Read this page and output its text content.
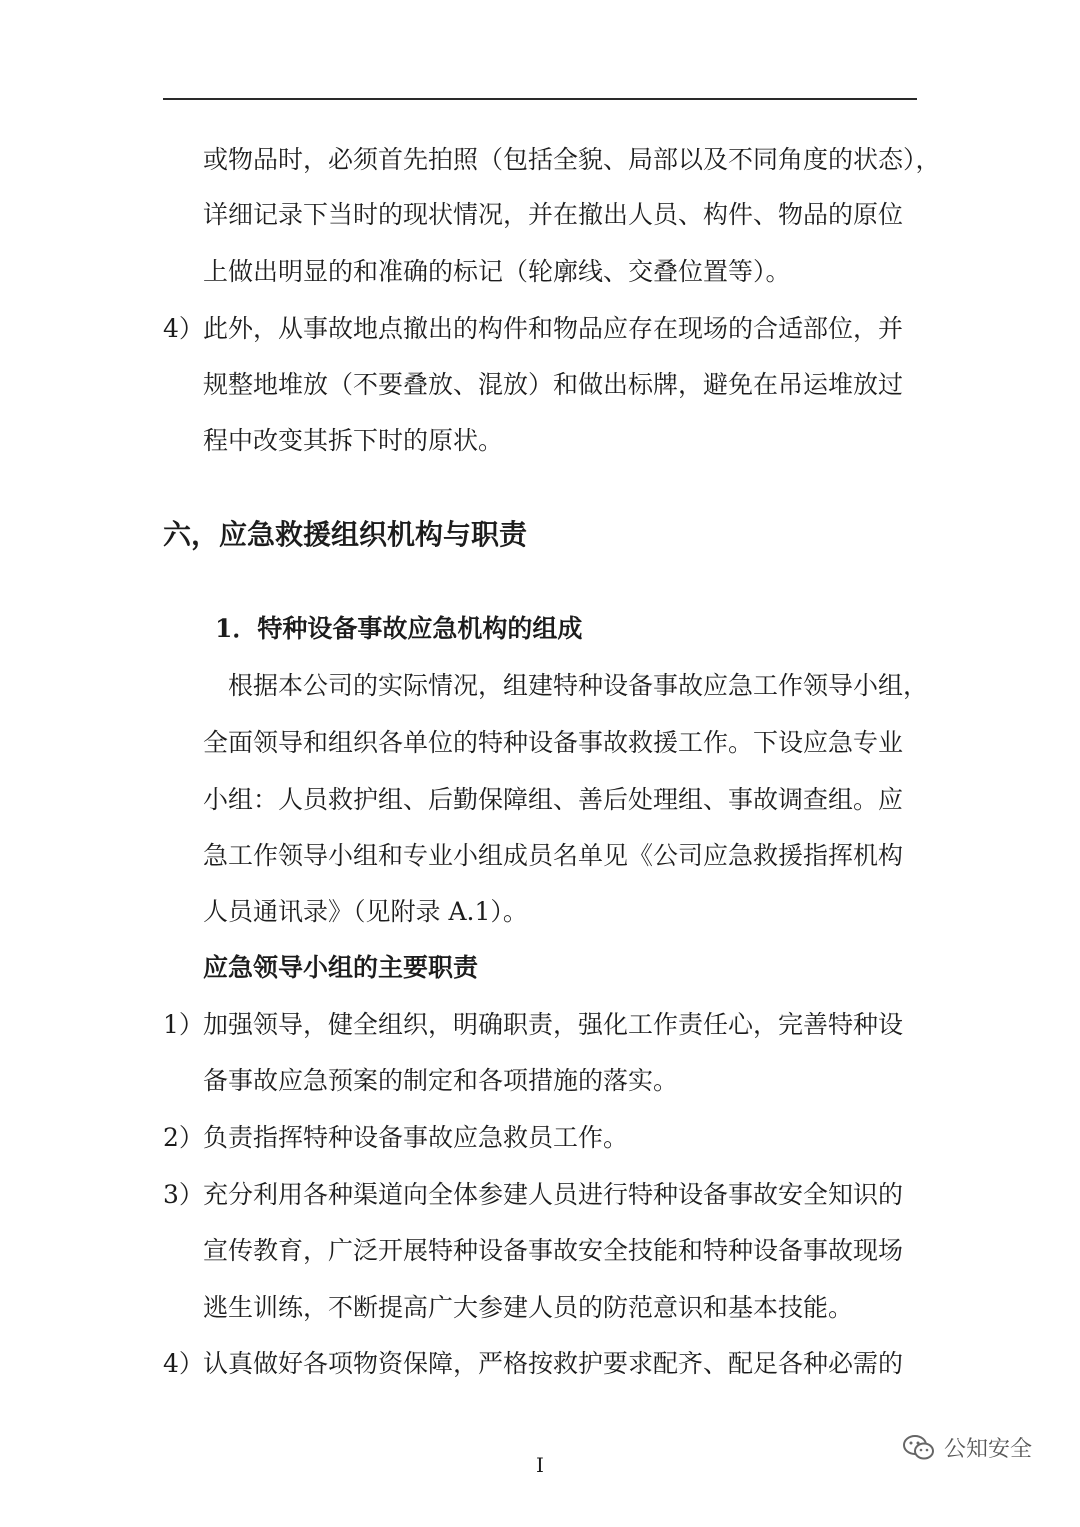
或物品时，必须首先拍照（包括全貌、局部以及不同角度的状态），
详细记录下当时的现状情况，并在撤出人员、构件、物品的原位
上做出明显的和准确的标记（轮廓线、交叠位置等）。
4） 此外，从事故地点撤出的构件和物品应存在现场的合适部位，并
规整地堆放（不要叠放、混放）和做出标牌，避免在吊运堆放过
程中改变其拆下时的原状。
六，应急救援组织机构与职责
1．特种设备事故应急机构的组成
根据本公司的实际情况，组建特种设备事故应急工作领导小组，
全面领导和组织各单位的特种设备事故救援工作。下设应急专业
小组：人员救护组、后勤保障组、善后处理组、事故调查组。应
急工作领导小组和专业小组成员名单见《公司应急救援指挥机构
人员通讯录》（见附录 A.1）。
应急领导小组的主要职责
1） 加强领导，健全组织，明确职责，强化工作责任心，完善特种设
备事故应急预案的制定和各项措施的落实。
2） 负责指挥特种设备事故应急救员工作。
3） 充分利用各种渠道向全体参建人员进行特种设备事故安全知识的
宣传教育，广泛开展特种设备事故安全技能和特种设备事故现场
逃生训练，不断提高广大参建人员的防范意识和基本技能。
4） 认真做好各项物资保障，严格按救护要求配齐、配足各种必需的
I
公知安全
